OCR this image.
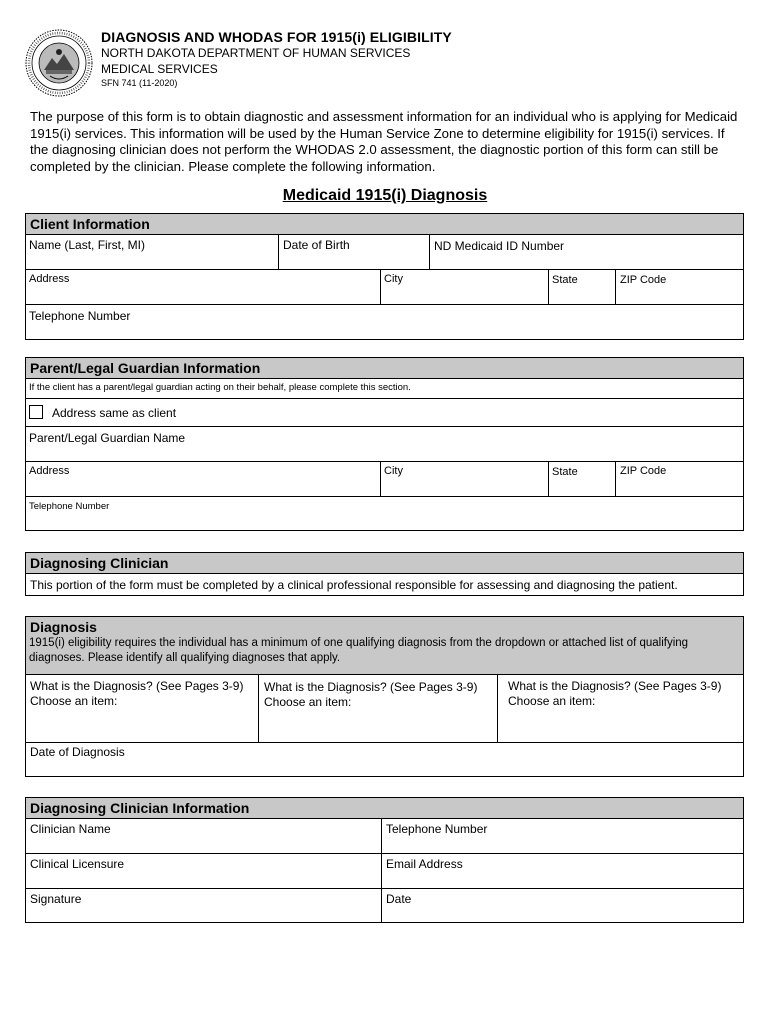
DIAGNOSIS AND WHODAS FOR 1915(i) ELIGIBILITY
NORTH DAKOTA DEPARTMENT OF HUMAN SERVICES
MEDICAL SERVICES
SFN 741 (11-2020)
The purpose of this form is to obtain diagnostic and assessment information for an individual who is applying for Medicaid 1915(i) services. This information will be used by the Human Service Zone to determine eligibility for 1915(i) services. If the diagnosing clinician does not perform the WHODAS 2.0 assessment, the diagnostic portion of this form can still be completed by the clinician. Please complete the following information.
Medicaid 1915(i) Diagnosis
Client Information
Name (Last, First, MI)	Date of Birth	ND Medicaid ID Number
Address	City	State	ZIP Code
Telephone Number
Parent/Legal Guardian Information
If the client has a parent/legal guardian acting on their behalf, please complete this section.
Address same as client
Parent/Legal Guardian Name
Address	City	State	ZIP Code
Telephone Number
Diagnosing Clinician
This portion of the form must be completed by a clinical professional responsible for assessing and diagnosing the patient.
Diagnosis
1915(i) eligibility requires the individual has a minimum of one qualifying diagnosis from the dropdown or attached list of qualifying diagnoses. Please identify all qualifying diagnoses that apply.
What is the Diagnosis? (See Pages 3-9)
Choose an item:
What is the Diagnosis? (See Pages 3-9)
Choose an item:
What is the Diagnosis? (See Pages 3-9)
Choose an item:
Date of Diagnosis
Diagnosing Clinician Information
Clinician Name	Telephone Number
Clinical Licensure	Email Address
Signature	Date
